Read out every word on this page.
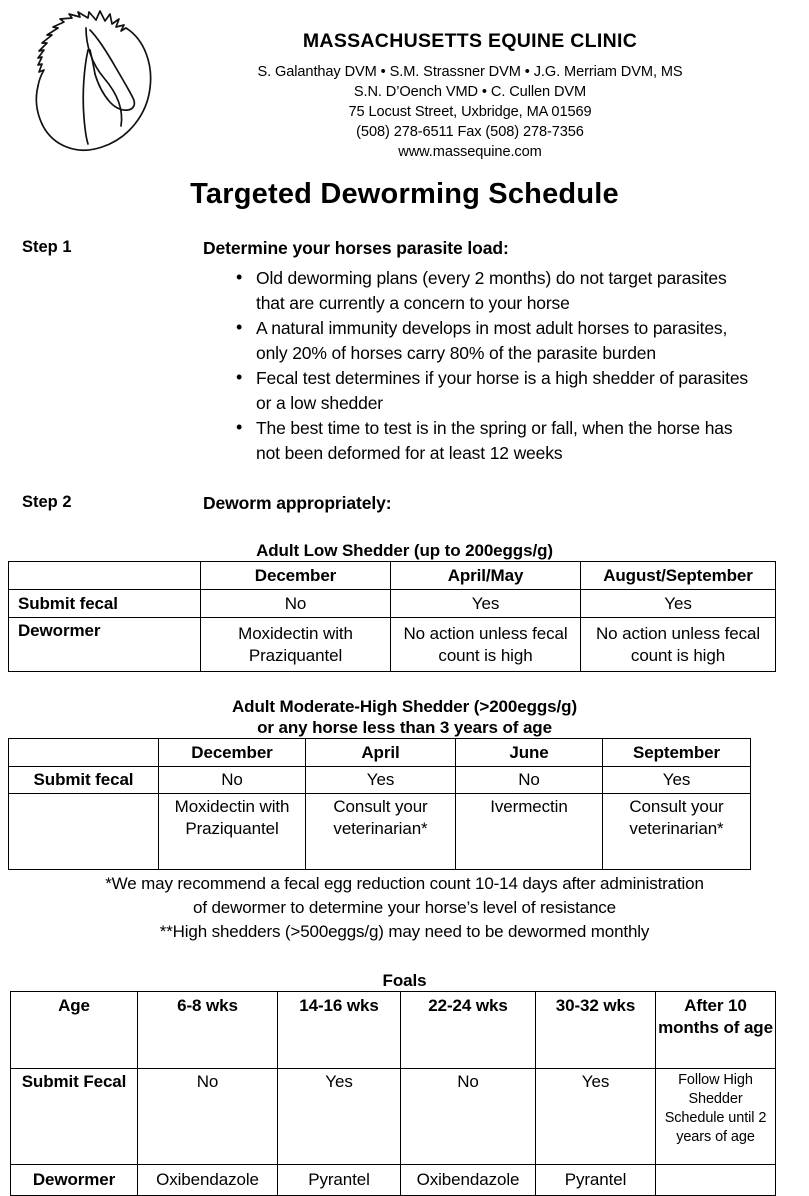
MASSACHUSETTS EQUINE CLINIC
S. Galanthay DVM • S.M. Strassner DVM • J.G. Merriam DVM, MS
S.N. D’Oench VMD • C. Cullen DVM
75 Locust Street, Uxbridge, MA 01569
(508) 278-6511 Fax (508) 278-7356
www.massequine.com
Targeted Deworming Schedule
Step 1	Determine your horses parasite load:
• Old deworming plans (every 2 months) do not target parasites that are currently a concern to your horse
• A natural immunity develops in most adult horses to parasites, only 20% of horses carry 80% of the parasite burden
• Fecal test determines if your horse is a high shedder of parasites or a low shedder
• The best time to test is in the spring or fall, when the horse has not been deformed for at least 12 weeks
Step 2	Deworm appropriately:
Adult Low Shedder (up to 200eggs/g)
	December	April/May	August/September
Submit fecal	No	Yes	Yes
Dewormer	Moxidectin with Praziquantel	No action unless fecal count is high	No action unless fecal count is high
Adult Moderate-High Shedder (>200eggs/g)
or any horse less than 3 years of age
	December	April	June	September
Submit fecal	No	Yes	No	Yes
	Moxidectin with Praziquantel	Consult your veterinarian*	Ivermectin	Consult your veterinarian*
*We may recommend a fecal egg reduction count 10-14 days after administration
of dewormer to determine your horse’s level of resistance
**High shedders (>500eggs/g) may need to be dewormed monthly
Foals
Age	6-8 wks	14-16 wks	22-24 wks	30-32 wks	After 10 months of age
Submit Fecal	No	Yes	No	Yes	Follow High Shedder Schedule until 2 years of age
Dewormer	Oxibendazole	Pyrantel	Oxibendazole	Pyrantel	
